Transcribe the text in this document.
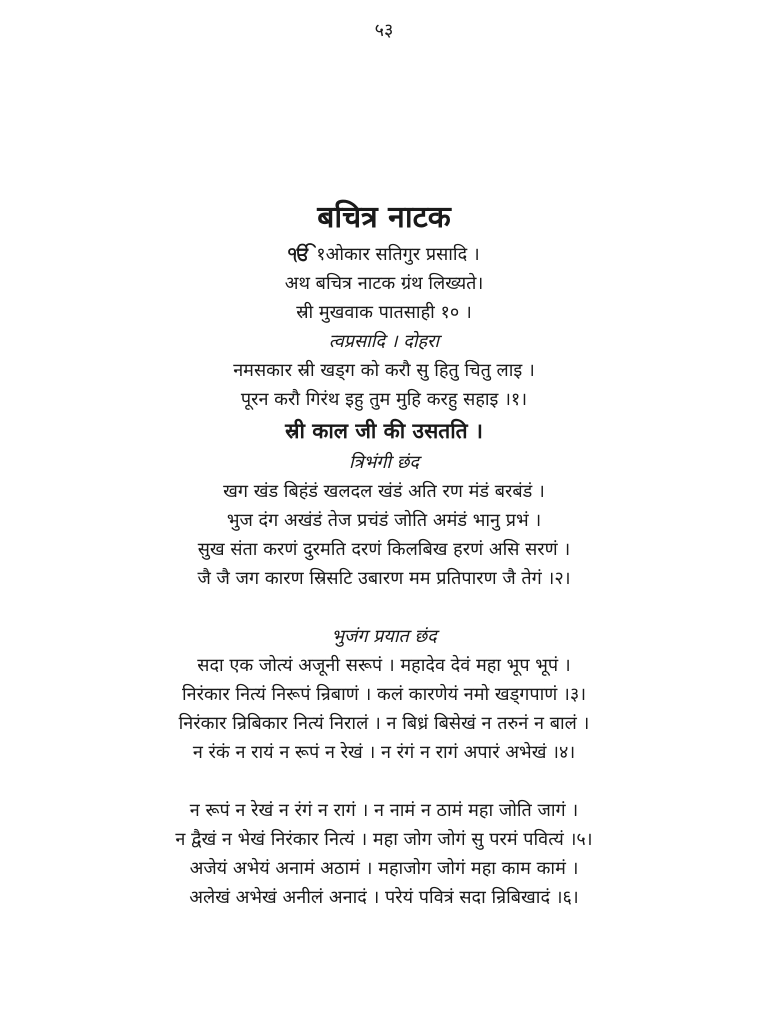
५३
बचित्र नाटक

ੴ १ओकार सतिगुर प्रसादि ।

अथ बचित्र नाटक ग्रंथ लिख्यते।

स्री मुखवाक पातसाही १० ।

त्वप्रसादि । दोहरा

नमसकार स्री खड्ग को करौ सु हितु चितु लाइ ।

पूरन करौ गिरंथ इहु तुम मुहि करहु सहाइ ।१।

स्री काल जी की उसतति ।

त्रिभंगी छंद

खग खंड बिहंडं खलदल खंडं अति रण मंडं बरबंडं ।

भुज दंग अखंडं तेज प्रचंडं जोति अमंडं भानु प्रभं ।

सुख संता करणं दुरमति दरणं किलबिख हरणं असि सरणं ।

जै जै जग कारण स्रिसटि उबारण मम प्रतिपारण जै तेगं ।२।

भुजंग प्रयात छंद

सदा एक जोत्यं अजूनी सरूपं । महादेव देवं महा भूप भूपं ।

निरंकार नित्यं निरूपं न्रिबाणं । कलं कारणेयं नमो खड्गपाणं ।३।

निरंकार न्रिबिकार नित्यं निरालं । न बिध्रं बिसेखं न तरुनं न बालं ।

न रंकं न रायं न रूपं न रेखं । न रंगं न रागं अपारं अभेखं ।४।

न रूपं न रेखं न रंगं न रागं । न नामं न ठामं महा जोति जागं ।

न द्वैखं न भेखं निरंकार नित्यं । महा जोग जोगं सु परमं पवित्यं ।५।

अजेयं अभेयं अनामं अठामं । महाजोग जोगं महा काम कामं ।

अलेखं अभेखं अनीलं अनादं । परेयं पवित्रं सदा न्रिबिखादं ।६।
